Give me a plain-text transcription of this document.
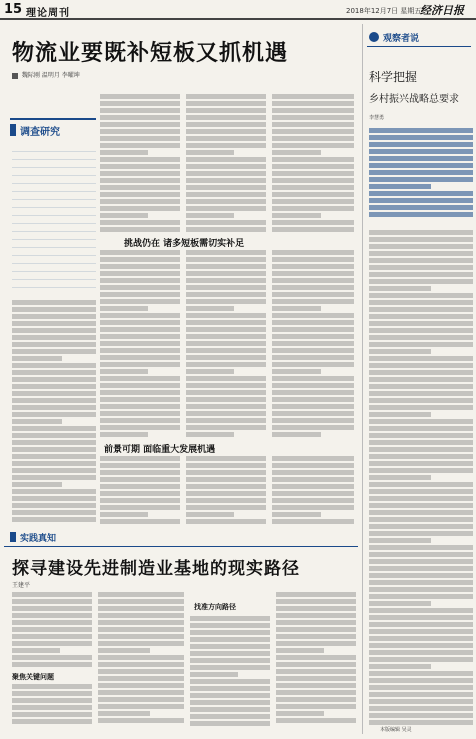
15 理论周刊	2018年12月7日 星期五
经济日报
物流业要既补短板又抓机遇
魏际刚 温明月 李曜坤
调查研究
挑战仍在 诸多短板需切实补足
前景可期 面临重大发展机遇
实践真知
探寻建设先进制造业基地的现实路径
王建平
聚焦关键问题
找准方向路径
观察者说
科学把握
乡村振兴战略总要求
李慧勇
本版编辑 吴灵
